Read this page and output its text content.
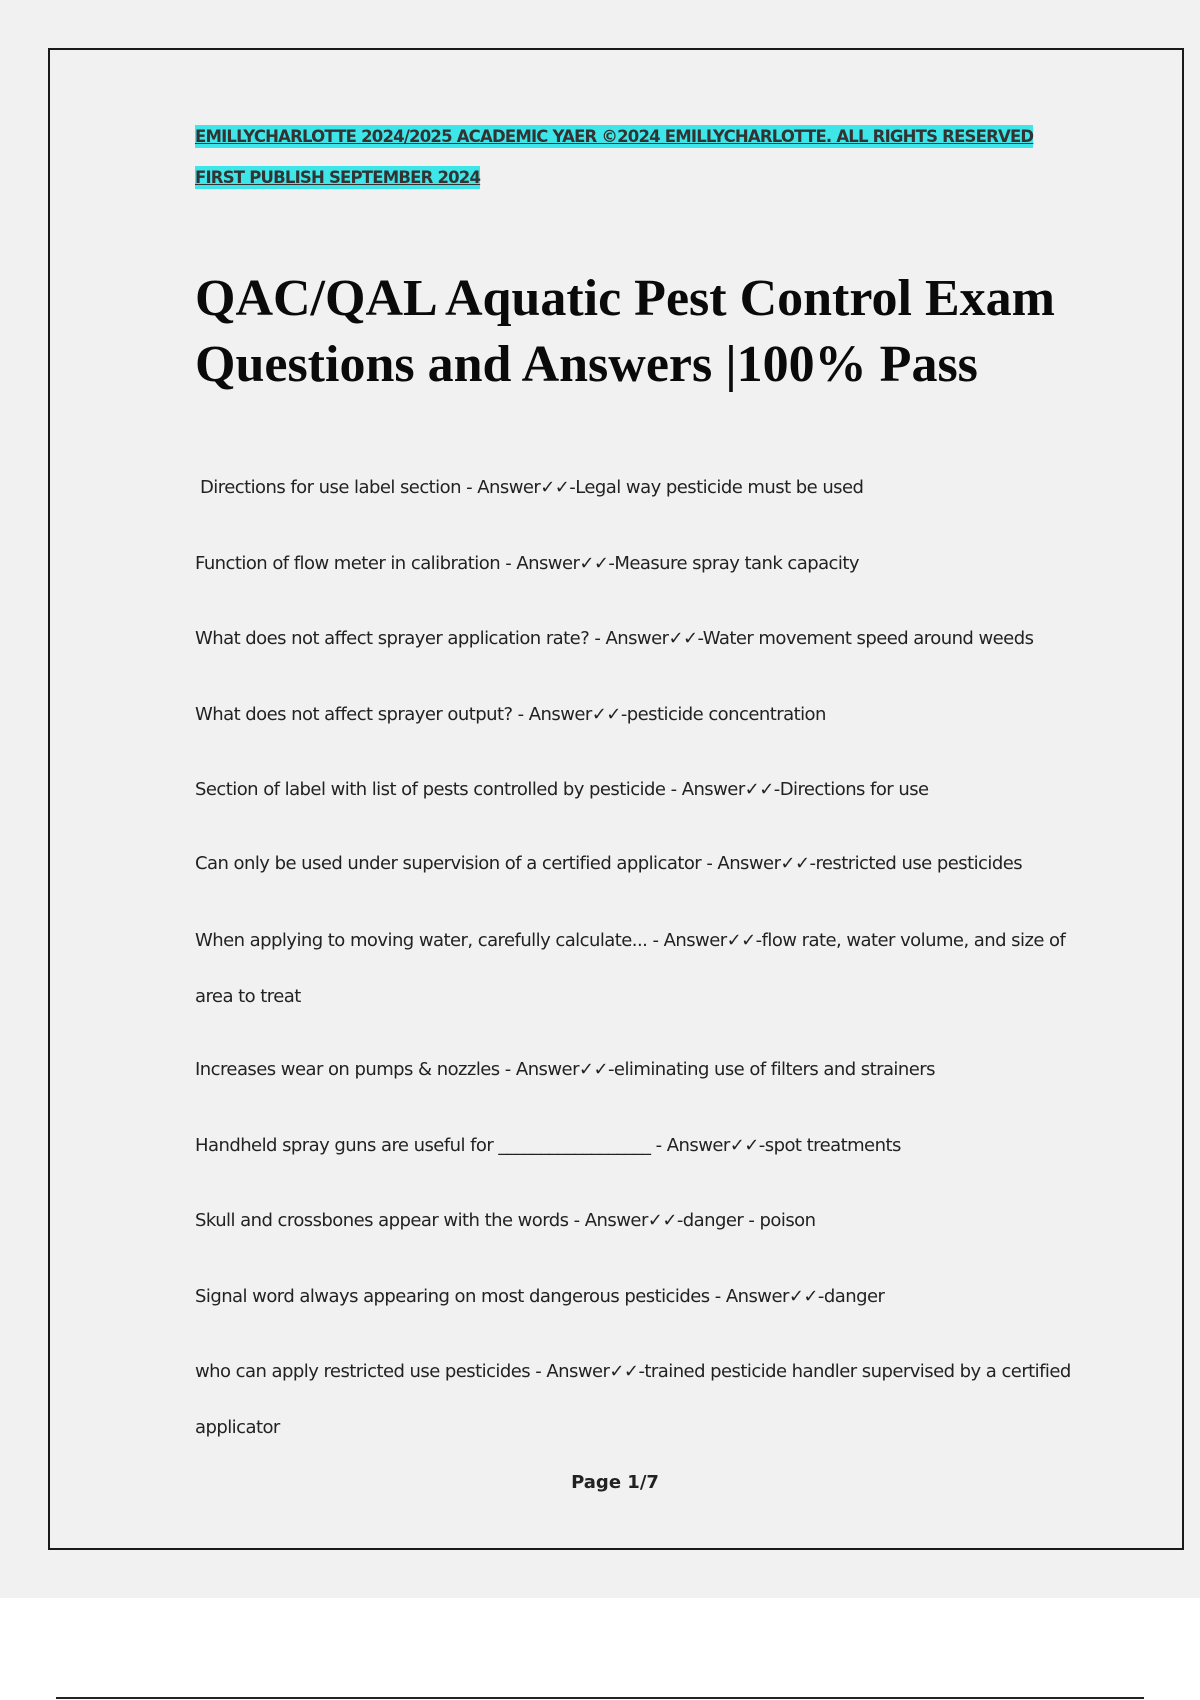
EMILLYCHARLOTTE 2024/2025 ACADEMIC YAER ©2024 EMILLYCHARLOTTE. ALL RIGHTS RESERVED
FIRST PUBLISH SEPTEMBER 2024
QAC/QAL Aquatic Pest Control Exam
Questions and Answers |100% Pass
Directions for use label section - Answer✓✓-Legal way pesticide must be used
Function of flow meter in calibration - Answer✓✓-Measure spray tank capacity
What does not affect sprayer application rate? - Answer✓✓-Water movement speed around weeds
What does not affect sprayer output? - Answer✓✓-pesticide concentration
Section of label with list of pests controlled by pesticide - Answer✓✓-Directions for use
Can only be used under supervision of a certified applicator - Answer✓✓-restricted use pesticides
When applying to moving water, carefully calculate... - Answer✓✓-flow rate, water volume, and size of
area to treat
Increases wear on pumps & nozzles - Answer✓✓-eliminating use of filters and strainers
Handheld spray guns are useful for __________________ - Answer✓✓-spot treatments
Skull and crossbones appear with the words - Answer✓✓-danger - poison
Signal word always appearing on most dangerous pesticides - Answer✓✓-danger
who can apply restricted use pesticides - Answer✓✓-trained pesticide handler supervised by a certified
applicator
Page 1/7
